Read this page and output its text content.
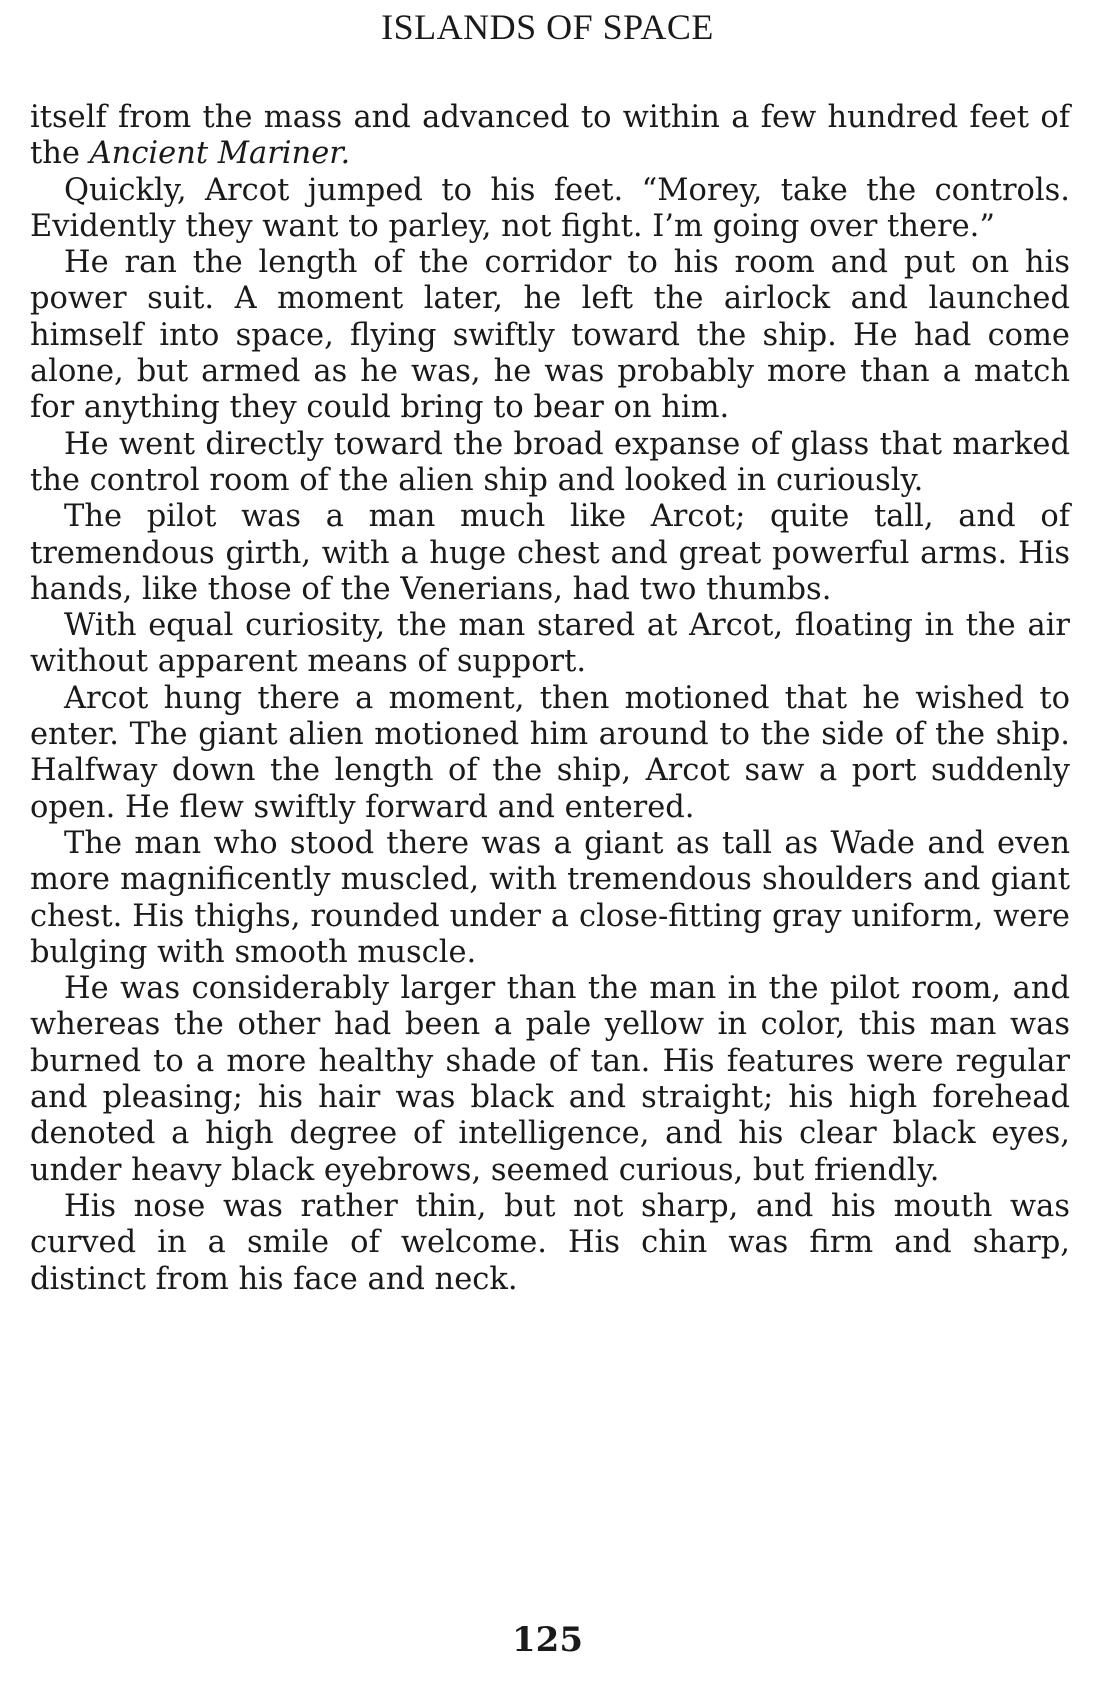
ISLANDS OF SPACE

itself from the mass and advanced to within a few hundred feet of the Ancient Mariner.

Quickly, Arcot jumped to his feet. “Morey, take the controls. Evidently they want to parley, not fight. I’m going over there.”

He ran the length of the corridor to his room and put on his power suit. A moment later, he left the airlock and launched himself into space, flying swiftly toward the ship. He had come alone, but armed as he was, he was probably more than a match for anything they could bring to bear on him.

He went directly toward the broad expanse of glass that marked the control room of the alien ship and looked in curiously.

The pilot was a man much like Arcot; quite tall, and of tremendous girth, with a huge chest and great powerful arms. His hands, like those of the Venerians, had two thumbs.

With equal curiosity, the man stared at Arcot, floating in the air without apparent means of support.

Arcot hung there a moment, then motioned that he wished to enter. The giant alien motioned him around to the side of the ship. Halfway down the length of the ship, Arcot saw a port suddenly open. He flew swiftly forward and entered.

The man who stood there was a giant as tall as Wade and even more magnificently muscled, with tremendous shoulders and giant chest. His thighs, rounded under a close-fitting gray uniform, were bulging with smooth muscle.

He was considerably larger than the man in the pilot room, and whereas the other had been a pale yellow in color, this man was burned to a more healthy shade of tan. His features were regular and pleasing; his hair was black and straight; his high forehead denoted a high degree of intelligence, and his clear black eyes, under heavy black eyebrows, seemed curious, but friendly.

His nose was rather thin, but not sharp, and his mouth was curved in a smile of welcome. His chin was firm and sharp, distinct from his face and neck.

125
